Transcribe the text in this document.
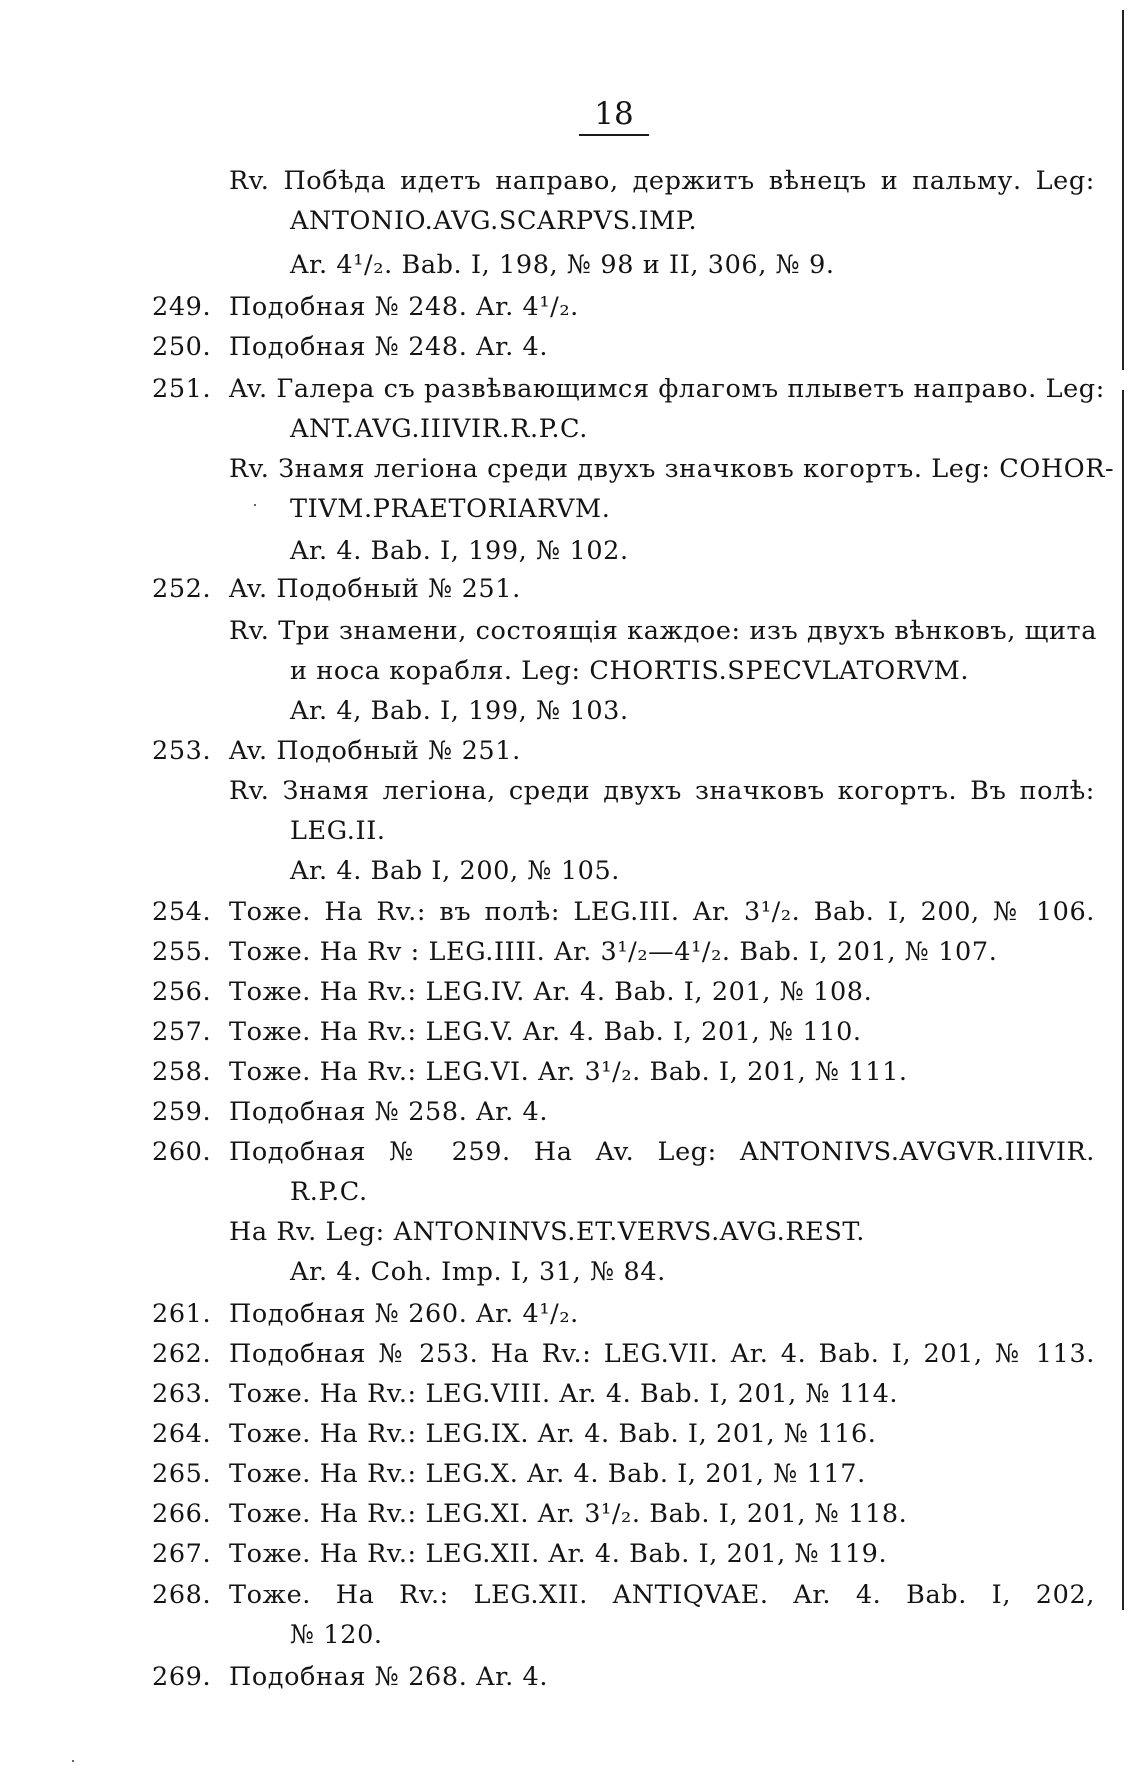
18
Rv. Побѣда идетъ направо, держитъ вѣнецъ и пальму. Leg:
ANTONIO.AVG.SCARPVS.IMP.
Ar. 4¹/₂. Bab. I, 198, № 98 и II, 306, № 9.
249. Подобная № 248. Ar. 4¹/₂.
250. Подобная № 248. Ar. 4.
251. Av. Галера съ развѣвающимся флагомъ плыветъ направо. Leg:
ANT.AVG.IIIVIR.R.P.C.
Rv. Знамя легіона среди двухъ значковъ когортъ. Leg: COHOR-
TIVM.PRAETORIARVM.
Ar. 4. Bab. I, 199, № 102.
252. Av. Подобный № 251.
Rv. Три знамени, состоящія каждое: изъ двухъ вѣнковъ, щита
и носа корабля. Leg: CHORTIS.SPECVLATORVM.
Ar. 4, Bab. I, 199, № 103.
253. Av. Подобный № 251.
Rv. Знамя легіона, среди двухъ значковъ когортъ. Въ полѣ:
LEG.II.
Ar. 4. Bab I, 200, № 105.
254. Тоже. На Rv.: въ полѣ: LEG.III. Ar. 3¹/₂. Bab. I, 200, № 106.
255. Тоже. На Rv : LEG.IIII. Ar. 3¹/₂—4¹/₂. Bab. I, 201, № 107.
256. Тоже. На Rv.: LEG.IV. Ar. 4. Bab. I, 201, № 108.
257. Тоже. На Rv.: LEG.V. Ar. 4. Bab. I, 201, № 110.
258. Тоже. На Rv.: LEG.VI. Ar. 3¹/₂. Bab. I, 201, № 111.
259. Подобная № 258. Ar. 4.
260. Подобная № 259. На Av. Leg: ANTONIVS.AVGVR.IIIVIR.
R.P.C.
На Rv. Leg: ANTONINVS.ET.VERVS.AVG.REST.
Ar. 4. Coh. Imp. I, 31, № 84.
261. Подобная № 260. Ar. 4¹/₂.
262. Подобная № 253. На Rv.: LEG.VII. Ar. 4. Bab. I, 201, № 113.
263. Тоже. На Rv.: LEG.VIII. Ar. 4. Bab. I, 201, № 114.
264. Тоже. На Rv.: LEG.IX. Ar. 4. Bab. I, 201, № 116.
265. Тоже. На Rv.: LEG.X. Ar. 4. Bab. I, 201, № 117.
266. Тоже. На Rv.: LEG.XI. Ar. 3¹/₂. Bab. I, 201, № 118.
267. Тоже. На Rv.: LEG.XII. Ar. 4. Bab. I, 201, № 119.
268. Тоже. На Rv.: LEG.XII. ANTIQVAE. Ar. 4. Bab. I, 202,
№ 120.
269. Подобная № 268. Ar. 4.
